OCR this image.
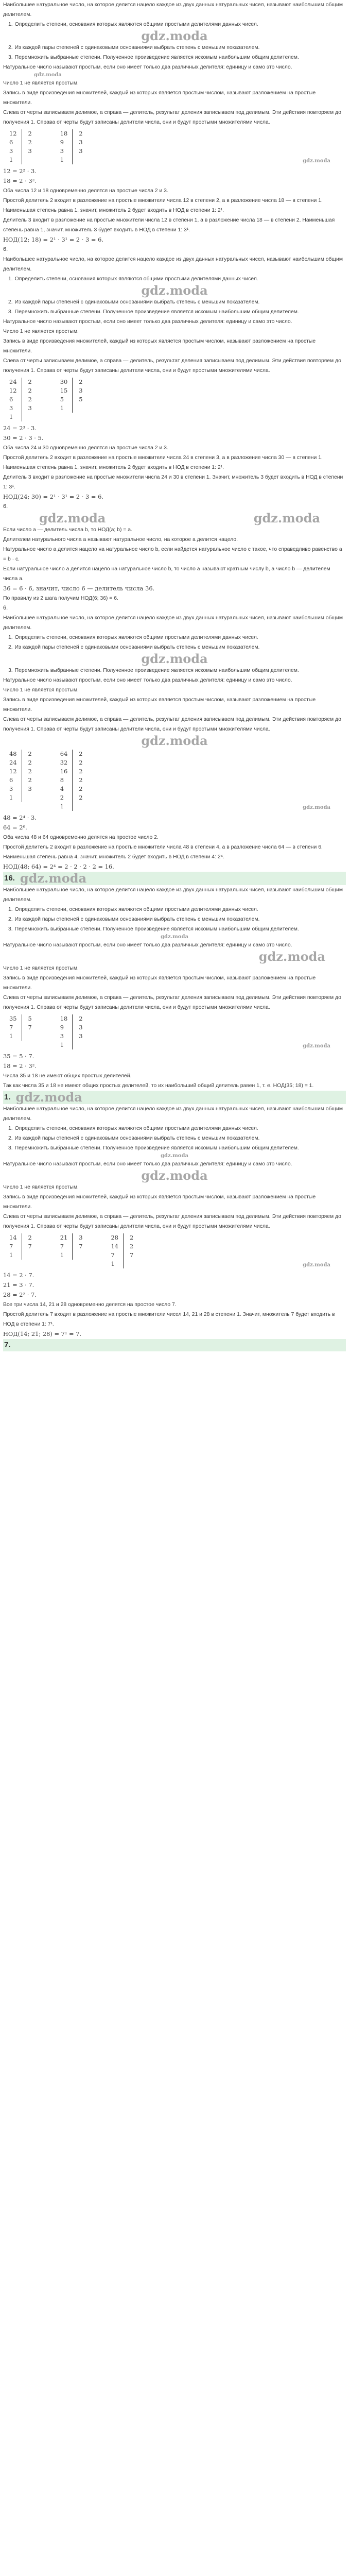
Наибольшее натуральное число, на которое делится нацело каждое из двух данных натуральных чисел, называют наибольшим общим делителем.

1. Определить степени, основания которых являются общими простыми делителями данных чисел.

gdz.moda

2. Из каждой пары степеней с одинаковыми основаниями выбрать степень с меньшим показателем.

3. Перемножить выбранные степени. Полученное произведение является искомым наибольшим общим делителем.

Натуральное число называют простым, если оно имеет только два различных делителя: единицу и само это число.

gdz.moda

Число 1 не является простым.

Запись в виде произведения множителей, каждый из которых является простым числом, называют разложением на простые множители.

Слева от черты записываем делимое, а справа — делитель, результат деления записываем под делимым. Эти действия повторяем до получения 1. Справа от черты будут записаны делители числа, они и будут простыми множителями числа.

12	2
6	2
3	3
1	
18	2
9	3
3	3
1		gdz.moda

12 = 2² · 3.

18 = 2 · 3².

Оба числа 12 и 18 одновременно делятся на простые числа 2 и 3.

Простой делитель 2 входит в разложение на простые множители числа 12 в степени 2, а в разложение числа 18 — в степени 1. Наименьшая степень равна 1, значит, множитель 2 будет входить в НОД в степени 1: 2¹.

Делитель 3 входит в разложение на простые множители числа 12 в степени 1, а в разложение числа 18 — в степени 2. Наименьшая степень равна 1, значит, множитель 3 будет входить в НОД в степени 1: 3¹.

НОД(12; 18) = 2¹ · 3¹ = 2 · 3 = 6.

6.

Наибольшее натуральное число, на которое делится нацело каждое из двух данных натуральных чисел, называют наибольшим общим делителем.

1. Определить степени, основания которых являются общими простыми делителями данных чисел.

gdz.moda

2. Из каждой пары степеней с одинаковыми основаниями выбрать степень с меньшим показателем.

3. Перемножить выбранные степени. Полученное произведение является искомым наибольшим общим делителем.

Натуральное число называют простым, если оно имеет только два различных делителя: единицу и само это число.

Число 1 не является простым.

Запись в виде произведения множителей, каждый из которых является простым числом, называют разложением на простые множители.

Слева от черты записываем делимое, а справа — делитель, результат деления записываем под делимым. Эти действия повторяем до получения 1. Справа от черты будут записаны делители числа, они и будут простыми множителями числа.

24	2
12	2
6	2
3	3
1	
30	2
15	3
5	5
1	

24 = 2³ · 3.

30 = 2 · 3 · 5.

Оба числа 24 и 30 одновременно делятся на простые числа 2 и 3.

Простой делитель 2 входит в разложение на простые множители числа 24 в степени 3, а в разложение числа 30 — в степени 1. Наименьшая степень равна 1, значит, множитель 2 будет входить в НОД в степени 1: 2¹.

Делитель 3 входит в разложение на простые множители числа 24 и 30 в степени 1. Значит, множитель 3 будет входить в НОД в степени 1: 3¹.

НОД(24; 30) = 2¹ · 3¹ = 2 · 3 = 6.

6.
gdz.moda	gdz.moda

Если число a — делитель числа b, то НОД(a; b) = a.

Делителем натурального числа a называют натуральное число, на которое a делится нацело.

Натуральное число a делится нацело на натуральное число b, если найдется натуральное число c такое, что справедливо равенство a = b · c.

Если натуральное число a делится нацело на натуральное число b, то число a называют кратным числу b, а число b — делителем числа a.

36 = 6 · 6, значит, число 6 — делитель числа 36.

По правилу из 2 шага получим НОД(6; 36) = 6.

6.

Наибольшее натуральное число, на которое делится нацело каждое из двух данных натуральных чисел, называют наибольшим общим делителем.

1. Определить степени, основания которых являются общими простыми делителями данных чисел.

2. Из каждой пары степеней с одинаковыми основаниями выбрать степень с меньшим показателем.

gdz.moda

3. Перемножить выбранные степени. Полученное произведение является искомым наибольшим общим делителем.

Натуральное число называют простым, если оно имеет только два различных делителя: единицу и само это число.

Число 1 не является простым.

Запись в виде произведения множителей, каждый из которых является простым числом, называют разложением на простые множители.

Слева от черты записываем делимое, а справа — делитель, результат деления записываем под делимым. Эти действия повторяем до получения 1. Справа от черты будут записаны делители числа, они и будут простыми множителями числа.

gdz.moda

48	2
24	2
12	2
6	2
3	3
1	
64	2
32	2
16	2
8	2
4	2
2	2
1		gdz.moda

48 = 2⁴ · 3.

64 = 2⁶.

Оба числа 48 и 64 одновременно делятся на простое число 2.

Простой делитель 2 входит в разложение на простые множители числа 48 в степени 4, а в разложение числа 64 — в степени 6. Наименьшая степень равна 4, значит, множитель 2 будет входить в НОД в степени 4: 2⁴.

НОД(48; 64) = 2⁴ = 2 · 2 · 2 · 2 = 16.

16. gdz.moda

Наибольшее натуральное число, на которое делится нацело каждое из двух данных натуральных чисел, называют наибольшим общим делителем.

1. Определить степени, основания которых являются общими простыми делителями данных чисел.

2. Из каждой пары степеней с одинаковыми основаниями выбрать степень с меньшим показателем.

3. Перемножить выбранные степени. Полученное произведение является искомым наибольшим общим делителем.

gdz.moda

Натуральное число называют простым, если оно имеет только два различных делителя: единицу и само это число.

gdz.moda

Число 1 не является простым.

Запись в виде произведения множителей, каждый из которых является простым числом, называют разложением на простые множители.

Слева от черты записываем делимое, а справа — делитель, результат деления записываем под делимым. Эти действия повторяем до получения 1. Справа от черты будут записаны делители числа, они и будут простыми множителями числа.

35	5
7	7
1	
18	2
9	3
3	3
1		gdz.moda

35 = 5 · 7.

18 = 2 · 3².

Числа 35 и 18 не имеют общих простых делителей.

Так как числа 35 и 18 не имеют общих простых делителей, то их наибольший общий делитель равен 1, т. е. НОД(35; 18) = 1.

1. gdz.moda

Наибольшее натуральное число, на которое делится нацело каждое из двух данных натуральных чисел, называют наибольшим общим делителем.

1. Определить степени, основания которых являются общими простыми делителями данных чисел.

2. Из каждой пары степеней с одинаковыми основаниями выбрать степень с меньшим показателем.

3. Перемножить выбранные степени. Полученное произведение является искомым наибольшим общим делителем.

gdz.moda

Натуральное число называют простым, если оно имеет только два различных делителя: единицу и само это число.

gdz.moda

Число 1 не является простым.

Запись в виде произведения множителей, каждый из которых является простым числом, называют разложением на простые множители.

Слева от черты записываем делимое, а справа — делитель, результат деления записываем под делимым. Эти действия повторяем до получения 1. Справа от черты будут записаны делители числа, они и будут простыми множителями числа.

14	2
7	7
1	
21	3
7	7
1	
28	2
14	2
7	7
1		gdz.moda

14 = 2 · 7.

21 = 3 · 7.

28 = 2² · 7.

Все три числа 14, 21 и 28 одновременно делятся на простое число 7.

Простой делитель 7 входит в разложение на простые множители чисел 14, 21 и 28 в степени 1. Значит, множитель 7 будет входить в НОД в степени 1: 7¹.

НОД(14; 21; 28) = 7¹ = 7.

7.
